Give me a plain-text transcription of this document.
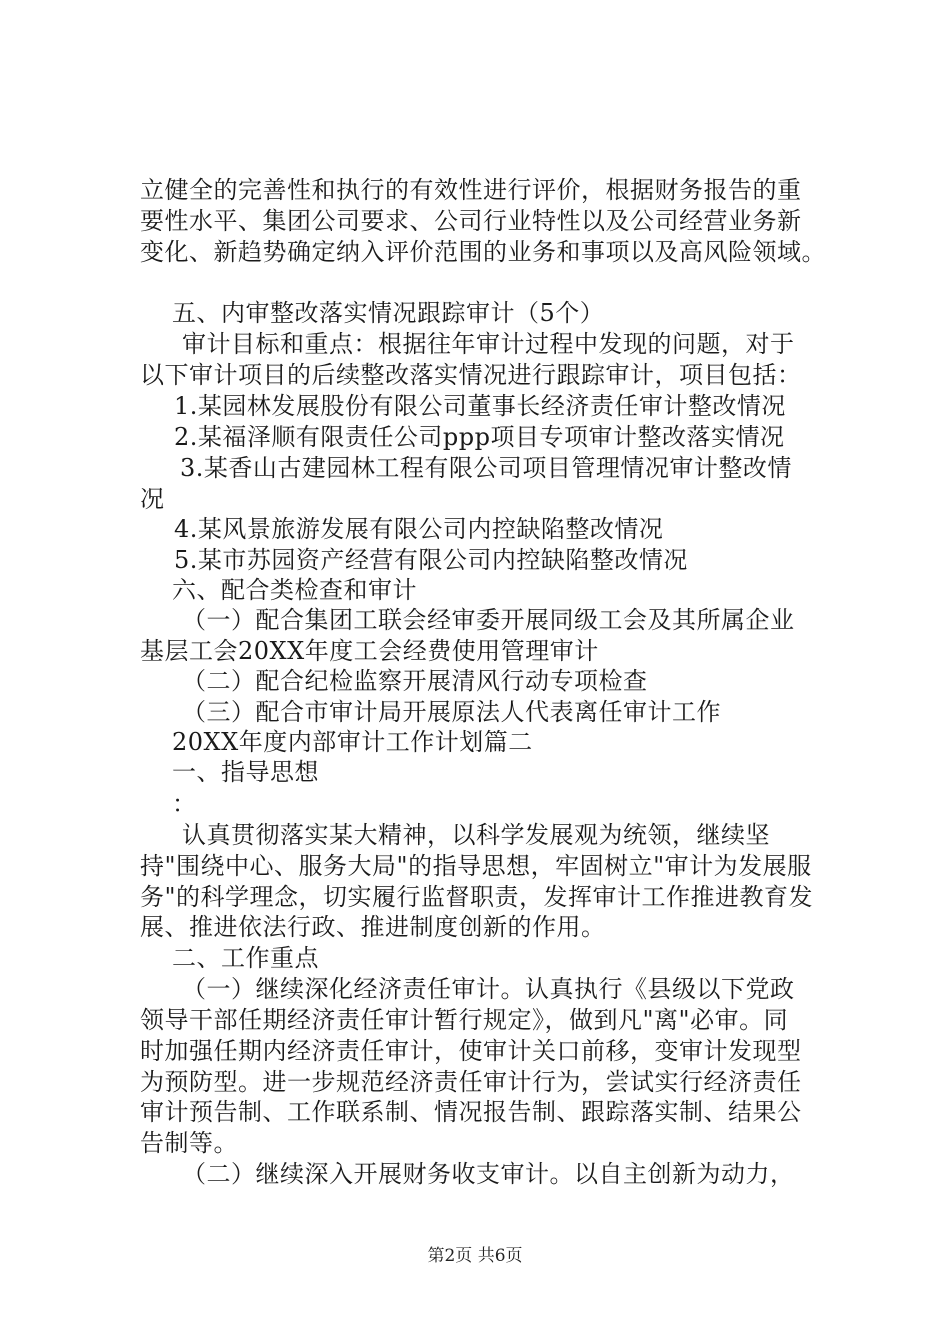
立健全的完善性和执行的有效性进行评价，根据财务报告的重
要性水平、集团公司要求、公司行业特性以及公司经营业务新
变化、新趋势确定纳入评价范围的业务和事项以及高风险领域。
五、内审整改落实情况跟踪审计（5个）
审计目标和重点：根据往年审计过程中发现的问题，对于
以下审计项目的后续整改落实情况进行跟踪审计，项目包括：
1.某园林发展股份有限公司董事长经济责任审计整改情况
2.某福泽顺有限责任公司ppp项目专项审计整改落实情况
3.某香山古建园林工程有限公司项目管理情况审计整改情
况
4.某风景旅游发展有限公司内控缺陷整改情况
5.某市苏园资产经营有限公司内控缺陷整改情况
六、配合类检查和审计
（一）配合集团工联会经审委开展同级工会及其所属企业
基层工会20XX年度工会经费使用管理审计
（二）配合纪检监察开展清风行动专项检查
（三）配合市审计局开展原法人代表离任审计工作
20XX年度内部审计工作计划篇二
一、指导思想
：
认真贯彻落实某大精神，以科学发展观为统领，继续坚
持"围绕中心、服务大局"的指导思想，牢固树立"审计为发展服
务"的科学理念，切实履行监督职责，发挥审计工作推进教育发
展、推进依法行政、推进制度创新的作用。
二、工作重点
（一）继续深化经济责任审计。认真执行《县级以下党政
领导干部任期经济责任审计暂行规定》，做到凡"离"必审。同
时加强任期内经济责任审计，使审计关口前移，变审计发现型
为预防型。进一步规范经济责任审计行为，尝试实行经济责任
审计预告制、工作联系制、情况报告制、跟踪落实制、结果公
告制等。
（二）继续深入开展财务收支审计。以自主创新为动力，
第2页 共6页
